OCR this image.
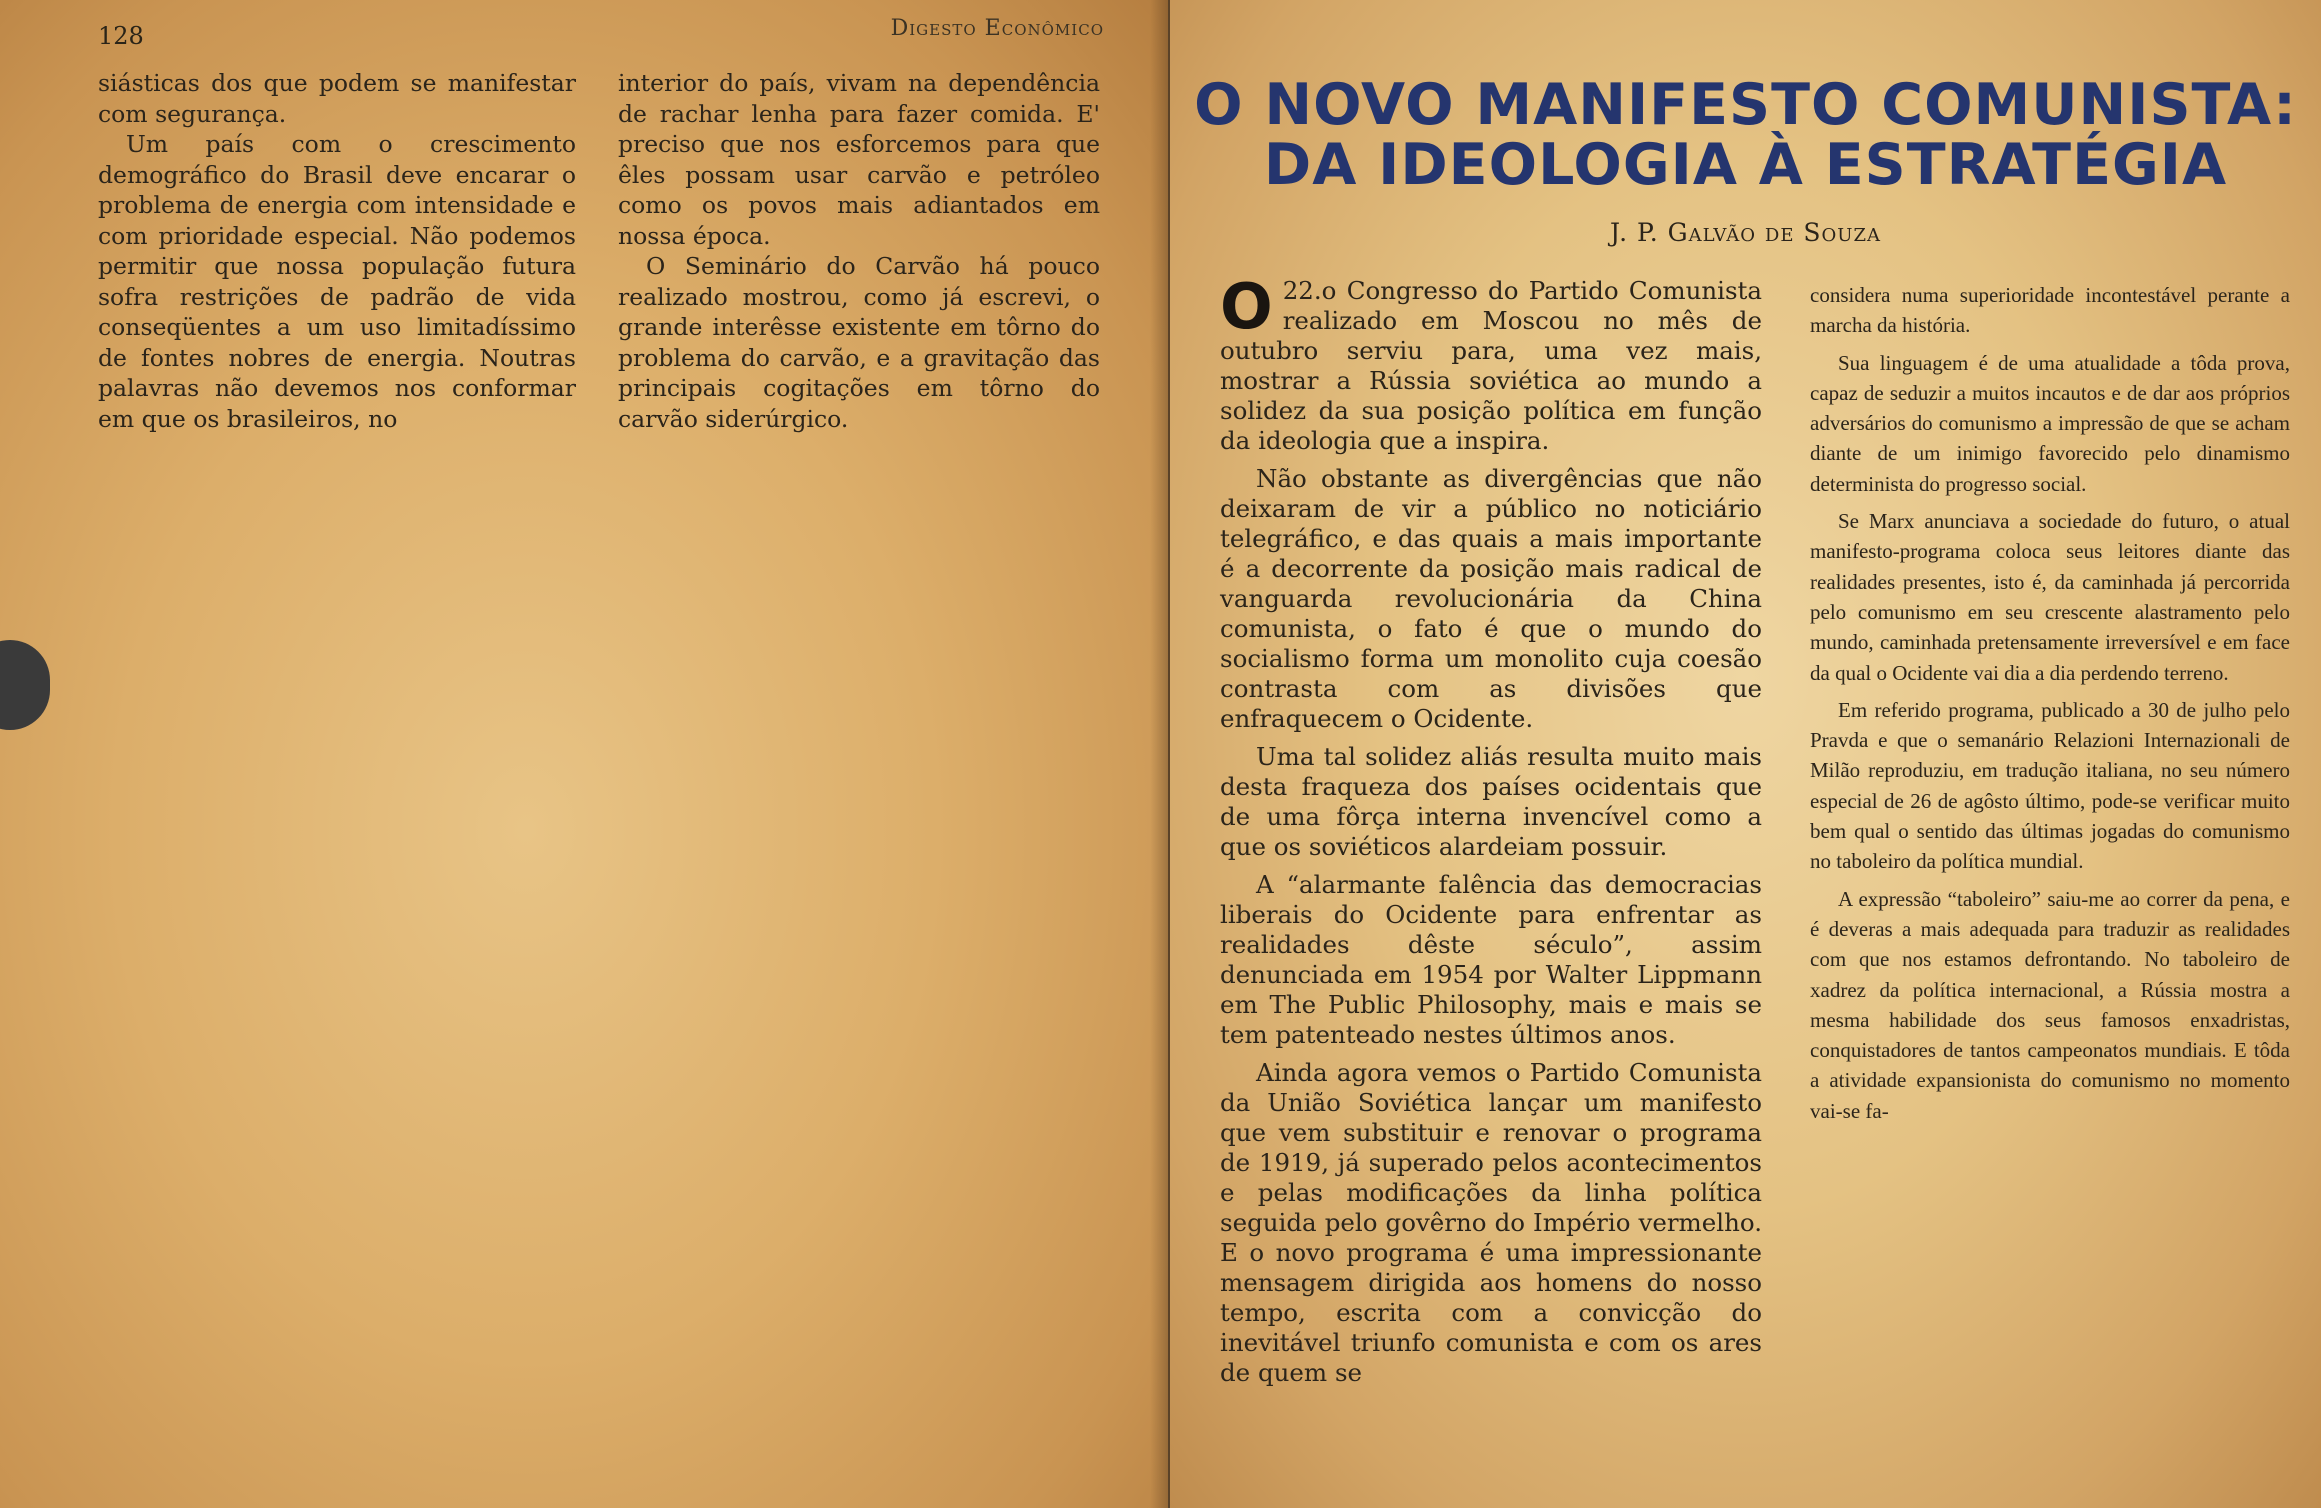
128	Digesto Econômico

siásticas dos que podem se manifestar com segurança.

Um país com o crescimento demográfico do Brasil deve encarar o problema de energia com intensidade e com prioridade especial. Não podemos permitir que nossa população futura sofra restrições de padrão de vida conseqüentes a um uso limitadíssimo de fontes nobres de energia. Noutras palavras não devemos nos conformar em que os brasileiros, no

interior do país, vivam na dependência de rachar lenha para fazer comida. E' preciso que nos esforcemos para que êles possam usar carvão e petróleo como os povos mais adiantados em nossa época.

O Seminário do Carvão há pouco realizado mostrou, como já escrevi, o grande interêsse existente em tôrno do problema do carvão, e a gravitação das principais cogitações em tôrno do carvão siderúrgico.

O NOVO MANIFESTO COMUNISTA:
DA IDEOLOGIA À ESTRATÉGIA
J. P. Galvão de Souza

O 22.o Congresso do Partido Comunista realizado em Moscou no mês de outubro serviu para, uma vez mais, mostrar a Rússia soviética ao mundo a solidez da sua posição política em função da ideologia que a inspira.

Não obstante as divergências que não deixaram de vir a público no noticiário telegráfico, e das quais a mais importante é a decorrente da posição mais radical de vanguarda revolucionária da China comunista, o fato é que o mundo do socialismo forma um monolito cuja coesão contrasta com as divisões que enfraquecem o Ocidente.

Uma tal solidez aliás resulta muito mais desta fraqueza dos países ocidentais que de uma fôrça interna invencível como a que os soviéticos alardeiam possuir.

A “alarmante falência das democracias liberais do Ocidente para enfrentar as realidades dêste século”, assim denunciada em 1954 por Walter Lippmann em The Public Philosophy, mais e mais se tem patenteado nestes últimos anos.

Ainda agora vemos o Partido Comunista da União Soviética lançar um manifesto que vem substituir e renovar o programa de 1919, já superado pelos acontecimentos e pelas modificações da linha política seguida pelo govêrno do Império vermelho. E o novo programa é uma impressionante mensagem dirigida aos homens do nosso tempo, escrita com a convicção do inevitável triunfo comunista e com os ares de quem se

considera numa superioridade incontestável perante a marcha da história.

Sua linguagem é de uma atualidade a tôda prova, capaz de seduzir a muitos incautos e de dar aos próprios adversários do comunismo a impressão de que se acham diante de um inimigo favorecido pelo dinamismo determinista do progresso social.

Se Marx anunciava a sociedade do futuro, o atual manifesto-programa coloca seus leitores diante das realidades presentes, isto é, da caminhada já percorrida pelo comunismo em seu crescente alastramento pelo mundo, caminhada pretensamente irreversível e em face da qual o Ocidente vai dia a dia perdendo terreno.

Em referido programa, publicado a 30 de julho pelo Pravda e que o semanário Relazioni Internazionali de Milão reproduziu, em tradução italiana, no seu número especial de 26 de agôsto último, pode-se verificar muito bem qual o sentido das últimas jogadas do comunismo no taboleiro da política mundial.

A expressão “taboleiro” saiu-me ao correr da pena, e é deveras a mais adequada para traduzir as realidades com que nos estamos defrontando. No taboleiro de xadrez da política internacional, a Rússia mostra a mesma habilidade dos seus famosos enxadristas, conquistadores de tantos campeonatos mundiais. E tôda a atividade expansionista do comunismo no momento vai-se fa-
